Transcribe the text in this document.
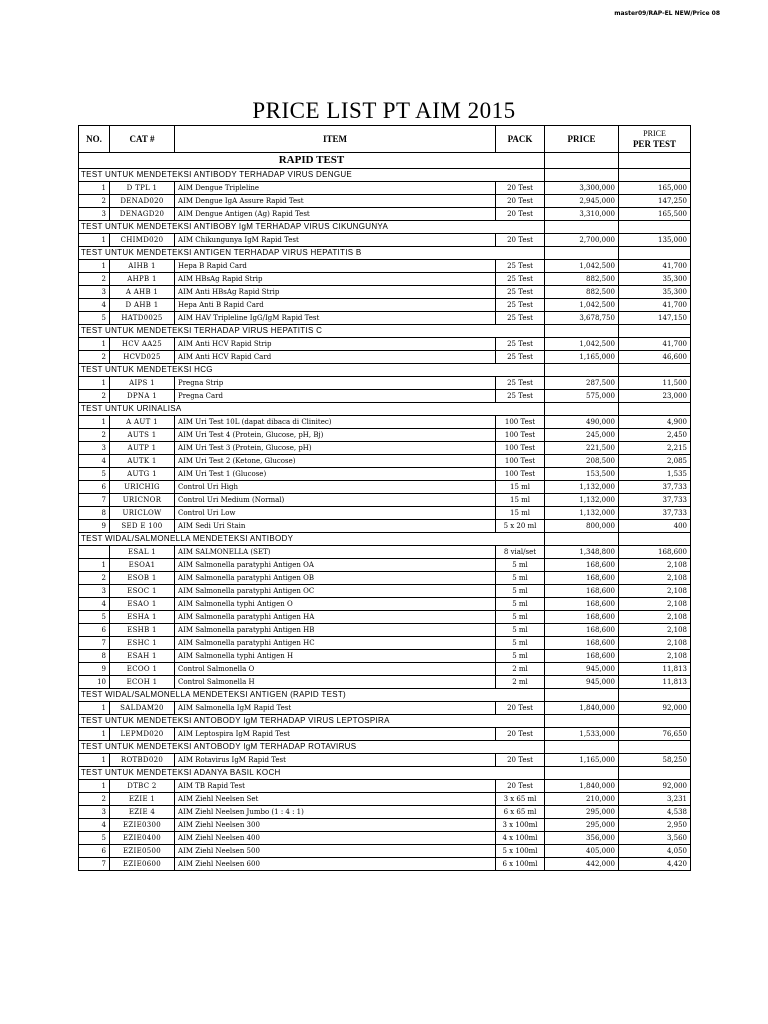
master09/RAP-EL NEW/Price 08
PRICE LIST PT AIM 2015
NO.	CAT #	ITEM	PACK	PRICE	PRICE
PER TEST
RAPID TEST					
TEST UNTUK MENDETEKSI ANTIBODY TERHADAP VIRUS DENGUE					
1	D TPL 1	AIM Dengue Tripleline	20 Test	3,300,000	165,000
2	DENAD020	AIM Dengue IgA Assure Rapid Test	20 Test	2,945,000	147,250
3	DENAGD20	AIM Dengue Antigen (Ag) Rapid Test	20 Test	3,310,000	165,500
TEST UNTUK MENDETEKSI ANTIBOBY IgM TERHADAP VIRUS CIKUNGUNYA					
1	CHIMD020	AIM Chikungunya IgM Rapid Test	20 Test	2,700,000	135,000
TEST UNTUK MENDETEKSI ANTIGEN TERHADAP VIRUS HEPATITIS B					
1	AIHB 1	Hepa B Rapid Card	25 Test	1,042,500	41,700
2	AHPB 1	AIM HBsAg Rapid Strip	25 Test	882,500	35,300
3	A AHB 1	AIM Anti HBsAg Rapid Strip	25 Test	882,500	35,300
4	D AHB 1	Hepa Anti B Rapid Card	25 Test	1,042,500	41,700
5	HATD0025	AIM HAV Tripleline IgG/IgM Rapid Test	25 Test	3,678,750	147,150
TEST UNTUK MENDETEKSI TERHADAP VIRUS HEPATITIS C					
1	HCV AA25	AIM Anti HCV Rapid Strip	25 Test	1,042,500	41,700
2	HCVD025	AIM Anti HCV Rapid Card	25 Test	1,165,000	46,600
TEST UNTUK MENDETEKSI HCG					
1	AIPS 1	Pregna Strip	25 Test	287,500	11,500
2	DPNA 1	Pregna Card	25 Test	575,000	23,000
TEST UNTUK URINALISA					
1	A AUT 1	AIM Uri Test 10L (dapat dibaca di Clinitec)	100 Test	490,000	4,900
2	AUTS 1	AIM Uri Test 4 (Protein, Glucose, pH, Bj)	100 Test	245,000	2,450
3	AUTP 1	AIM Uri Test 3 (Protein, Glucose, pH)	100 Test	221,500	2,215
4	AUTK 1	AIM Uri Test 2 (Ketone, Glucose)	100 Test	208,500	2,085
5	AUTG 1	AIM Uri Test 1 (Glucose)	100 Test	153,500	1,535
6	URICHIG	Control Uri High	15 ml	1,132,000	37,733
7	URICNOR	Control Uri Medium (Normal)	15 ml	1,132,000	37,733
8	URICLOW	Control Uri Low	15 ml	1,132,000	37,733
9	SED E 100	AIM Sedi Uri Stain	5 x 20 ml	800,000	400
TEST WIDAL/SALMONELLA MENDETEKSI ANTIBODY					
	ESAL 1	AIM SALMONELLA (SET)	8 vial/set	1,348,800	168,600
1	ESOA1	AIM Salmonella paratyphi Antigen OA	5 ml	168,600	2,108
2	ESOB 1	AIM Salmonella paratyphi Antigen OB	5 ml	168,600	2,108
3	ESOC 1	AIM Salmonella paratyphi Antigen OC	5 ml	168,600	2,108
4	ESAO 1	AIM Salmonella typhi Antigen O	5 ml	168,600	2,108
5	ESHA 1	AIM Salmonella paratyphi Antigen HA	5 ml	168,600	2,108
6	ESHB 1	AIM Salmonella paratyphi Antigen HB	5 ml	168,600	2,108
7	ESHC 1	AIM Salmonella paratyphi Antigen HC	5 ml	168,600	2,108
8	ESAH 1	AIM Salmonella typhi Antigen H	5 ml	168,600	2,108
9	ECOO 1	Control Salmonella O	2 ml	945,000	11,813
10	ECOH 1	Control Salmonella H	2 ml	945,000	11,813
TEST WIDAL/SALMONELLA MENDETEKSI ANTIGEN (RAPID TEST)					
1	SALDAM20	AIM Salmonella IgM Rapid Test	20 Test	1,840,000	92,000
TEST UNTUK MENDETEKSI ANTOBODY IgM TERHADAP VIRUS LEPTOSPIRA					
1	LEPMD020	AIM Leptospira IgM Rapid Test	20 Test	1,533,000	76,650
TEST UNTUK MENDETEKSI ANTOBODY IgM TERHADAP ROTAVIRUS					
1	ROTBD020	AIM Rotavirus IgM Rapid Test	20 Test	1,165,000	58,250
TEST UNTUK MENDETEKSI ADANYA BASIL KOCH					
1	DTBC 2	AIM TB Rapid Test	20 Test	1,840,000	92,000
2	EZIE 1	AIM Ziehl Neelsen Set	3 x 65 ml	210,000	3,231
3	EZIE 4	AIM Ziehl Neelsen Jumbo (1 : 4 : 1)	6 x 65 ml	295,000	4,538
4	EZIE0300	AIM Ziehl Neelsen 300	3 x 100ml	295,000	2,950
5	EZIE0400	AIM Ziehl Neelsen 400	4 x 100ml	356,000	3,560
6	EZIE0500	AIM Ziehl Neelsen 500	5 x 100ml	405,000	4,050
7	EZIE0600	AIM Ziehl Neelsen 600	6 x 100ml	442,000	4,420
